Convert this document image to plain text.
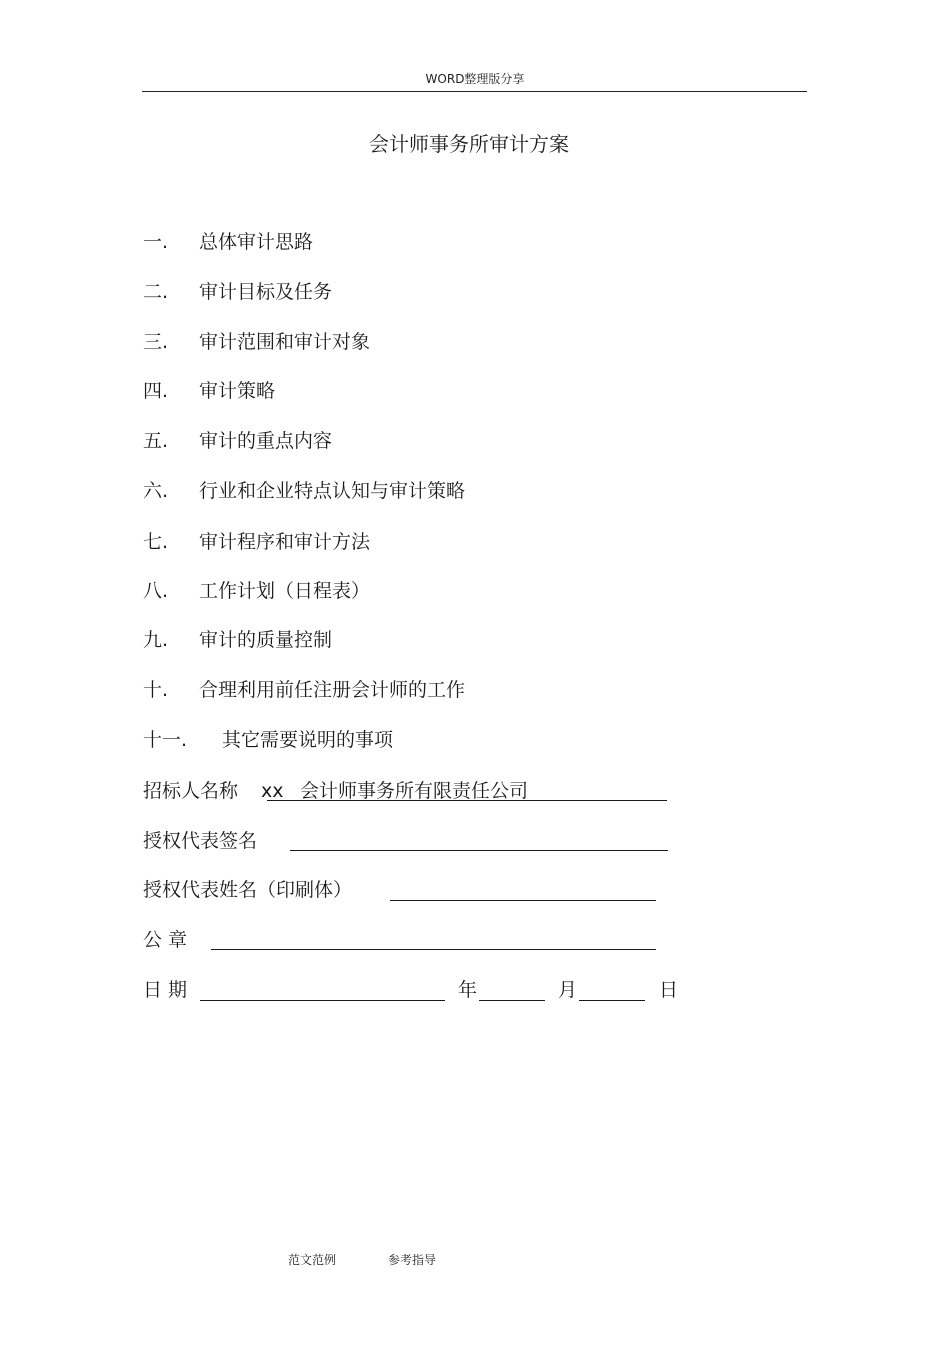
WORD整理版分享
会计师事务所审计方案
一. 总体审计思路
二. 审计目标及任务
三. 审计范围和审计对象
四. 审计策略
五. 审计的重点内容
六. 行业和企业特点认知与审计策略
七. 审计程序和审计方法
八. 工作计划（日程表）
九. 审计的质量控制
十. 合理利用前任注册会计师的工作
十一. 其它需要说明的事项
招标人名称 xx 会计师事务所有限责任公司
授权代表签名
授权代表姓名（印刷体）
公 章
日 期	年	月	日
范文范例	参考指导
